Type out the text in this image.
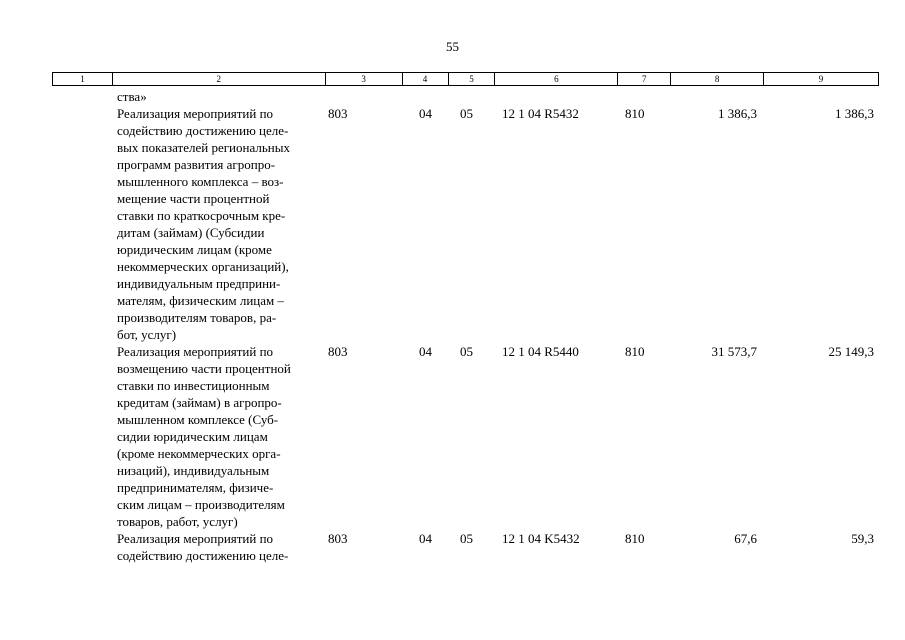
55
1	2	3	4	5	6	7	8	9
ства»
Реализация мероприятий по
содействию достижению целе-
вых показателей региональных
программ развития агропро-
мышленного комплекса – воз-
мещение части процентной
ставки по краткосрочным кре-
дитам (займам) (Субсидии
юридическим лицам (кроме
некоммерческих организаций),
индивидуальным предприни-
мателям, физическим лицам –
производителям товаров, ра-
бот, услуг)
803	04	05	12 1 04 R5432	810	1 386,3	1 386,3
Реализация мероприятий по
возмещению части процентной
ставки по инвестиционным
кредитам (займам) в агропро-
мышленном комплексе (Суб-
сидии юридическим лицам
(кроме некоммерческих орга-
низаций), индивидуальным
предпринимателям, физиче-
ским лицам – производителям
товаров, работ, услуг)
803	04	05	12 1 04 R5440	810	31 573,7	25 149,3
Реализация мероприятий по
содействию достижению целе-
803	04	05	12 1 04 K5432	810	67,6	59,3
